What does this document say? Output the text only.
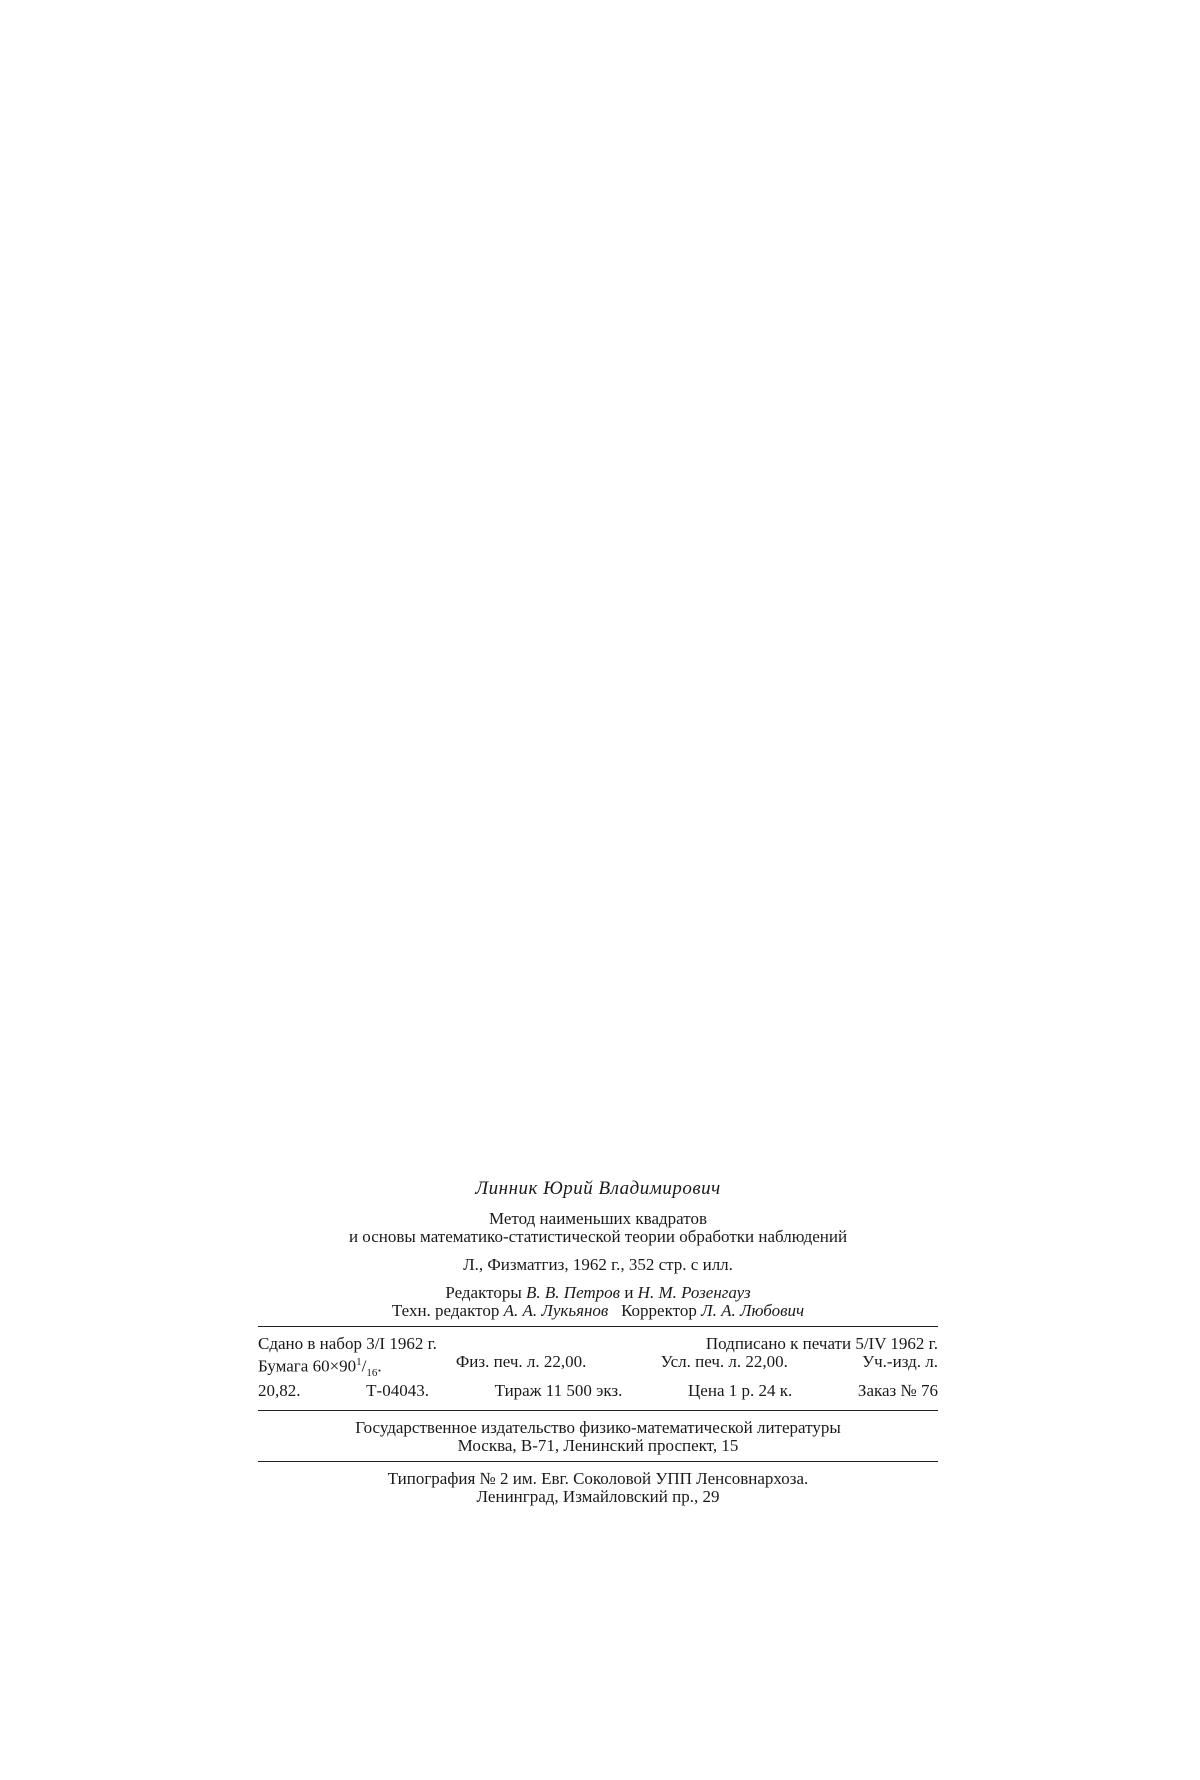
Линник Юрий Владимирович
Метод наименьших квадратов
и основы математико-статистической теории обработки наблюдений
Л., Физматгиз, 1962 г., 352 стр. с илл.
Редакторы В. В. Петров и Н. М. Розенгауз
Техн. редактор А. А. Лукьянов Корректор Л. А. Любович
Сдано в набор 3/I 1962 г.	Подписано к печати 5/IV 1962 г.
Бумага $60\times 90^1/_{16}$.	Физ. печ. л. 22,00.	Усл. печ. л. 22,00.	Уч.-изд. л.
20,82.	Т-04043.	Тираж 11 500 экз.	Цена 1 р. 24 к.	Заказ № 76
Государственное издательство физико-математической литературы
Москва, В-71, Ленинский проспект, 15
Типография № 2 им. Евг. Соколовой УПП Ленсовнархоза.
Ленинград, Измайловский пр., 29
